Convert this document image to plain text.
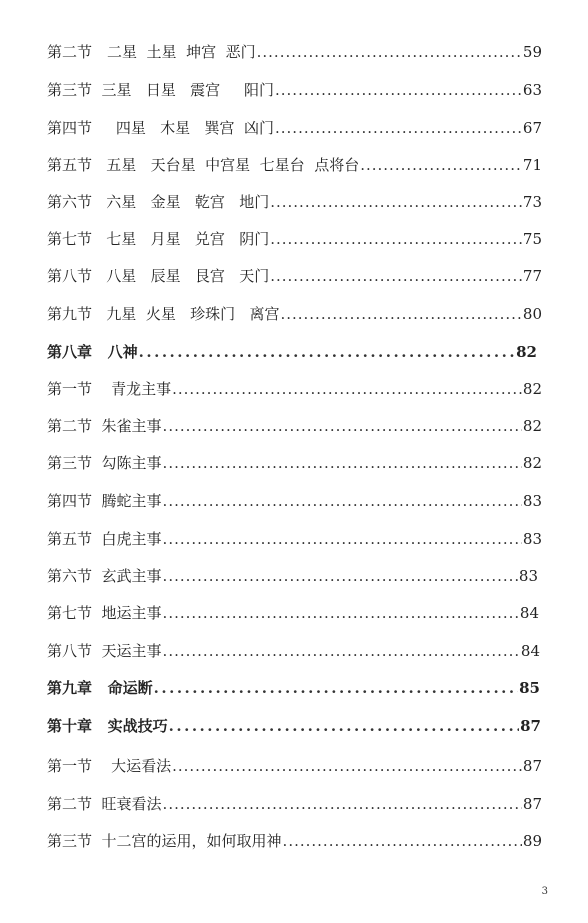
第二节　二星  土星  坤宫  恶门 .....	59
第三节  三星   日星   震宫     阳门 .....	63
第四节     四星   木星   巽宫  凶门 .....	67
第五节   五星   天台星  中宫星  七星台  点将台 .....	71
第六节   六星   金星   乾宫   地门 .....	73
第七节   七星   月星   兑宫   阴门 .....	75
第八节   八星   辰星   艮宫   天门 .....	77
第九节   九星  火星   珍珠门   离宫 .....	80
第八章   八神 .....	82
第一节    青龙主事 .....	82
第二节  朱雀主事 .....	82
第三节  勾陈主事 .....	82
第四节  腾蛇主事 .....	83
第五节  白虎主事 .....	83
第六节  玄武主事 .....	83
第七节  地运主事 .....	84
第八节  天运主事 .....	84
第九章   命运断 .....	85
第十章   实战技巧 .....	87
第一节    大运看法 .....	87
第二节  旺衰看法 .....	87
第三节  十二宫的运用，如何取用神 .....	89
3
